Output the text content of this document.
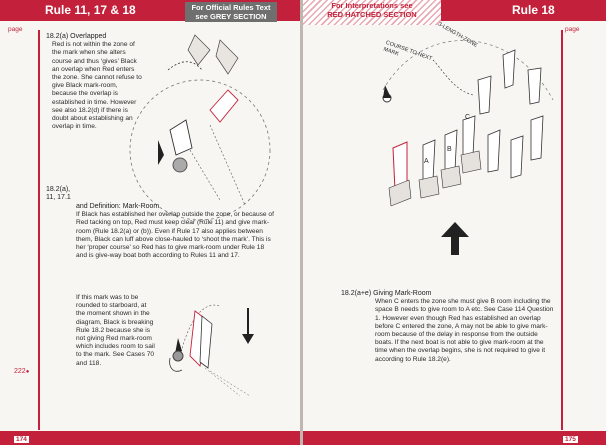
Rule 11, 17 & 18	For Official Rules Text
see GREY SECTION
page

18.2(a) Overlapped

Red is not within the zone of the mark when she alters course and thus ‘gives’ Black an overlap when Red enters the zone. She cannot refuse to give Black mark-room, because the overlap is established in time. However see also 18.2(d) if there is doubt about establishing an overlap in time.

18.2(a), 11, 17.1

and Definition: Mark-Room

If Black has established her overlap outside the zone, or because of Red tacking on top, Red must keep clear (Rule 11) and give mark-room (Rule 18.2(a) or (b)). Even if Rule 17 also applies between them, Black can luff above close-hauled to ‘shoot the mark’. This is her ‘proper course’ so Red has to give mark-room under Rule 18 and is give-way boat both according to Rules 11 and 17.

If this mark was to be rounded to starboard, at the moment shown in the diagram, Black is breaking Rule 18.2 because she is not giving Red mark-room which includes room to sail to the mark. See Cases 70 and 118.

222●
174
Rule 18
For Interpretations see
RED HATCHED SECTION
page
COURSE TO NEXT MARK
3-LENGTH-ZONE
A
B
C

18.2(a+e) Giving Mark-Room

When C enters the zone she must give B room including the space B needs to give room to A etc. See Case 114 Question 1. However even though Red has established an overlap before C entered the zone, A may not be able to give mark-room because of the delay in response from the outside boats. If the next boat is not able to give mark-room at the time when the overlap begins, she is not required to give it according to Rule 18.2(e).

175
